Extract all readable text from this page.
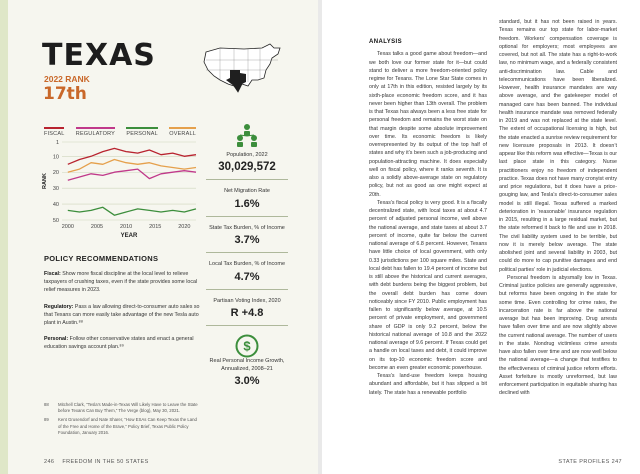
TEXAS
2022 RANK
17th
FISCAL REGULATORY PERSONAL OVERALL
1
10
20
30
40
50
2000	2005	2010	2015	2020
RANK
YEAR
POLICY RECOMMENDATIONS

Fiscal: Show more fiscal discipline at the local level to relieve taxpayers of crushing taxes, even if the state provides some local relief measures in 2023.

Regulatory: Pass a law allowing direct-to-consumer auto sales so that Texans can more easily take advantage of the new Tesla auto plant in Austin.⁸⁸

Personal: Follow other conservative states and enact a general education savings account plan.⁸⁹

88	Mitchell Clark, “Tesla’s Made-in-Texas Will Likely Have to Leave the State before Texans Can Buy Them,” The Verge (blog), May 30, 2021.
89	Kent Grusendorf and Nate Sharer, “How ESAs Can Keep Texas the Land of the Free and Home of the Brave,” Policy Brief, Texas Public Policy Foundation, January 2016.
Population, 2022
30,029,572
Net Migration Rate
1.6%
State Tax Burden, % of Income
3.7%
Local Tax Burden, % of Income
4.7%
Partisan Voting Index, 2020
R +4.8
$
Real Personal Income Growth, Annualized, 2008–21
3.0%
246 FREEDOM IN THE 50 STATES
ANALYSIS

Texas talks a good game about freedom—and we both love our former state for it—but could stand to deliver a more freedom-oriented policy regime for Texans. The Lone Star State comes in only at 17th in this edition, resisted largely by its sixth-place economic freedom score, and it has never been higher than 13th overall. The problem is that Texas has always been a less free state for personal freedom and remains the worst state on that margin despite some absolute improvement over time. Its economic freedom is likely overrepresented by its output of the top half of states and why it’s been such a job-producing and population-attracting machine. It does especially well on fiscal policy, where it ranks seventh. It is also a solidly above-average state on regulatory policy, but not as good as one might expect at 20th.

Texas’s fiscal policy is very good. It is a fiscally decentralized state, with local taxes at about 4.7 percent of adjusted personal income, well above the national average, and state taxes at about 3.7 percent of income, quite far below the current national average of 6.8 percent. However, Texans have little choice of local government, with only 0.33 jurisdictions per 100 square miles. State and local debt has fallen to 19.4 percent of income but is still above the historical and current averages, with debt burdens being the biggest problem, but the overall debt burden has come down noticeably since FY 2010. Public employment has fallen to significantly below average, at 10.5 percent of private employment, and government share of GDP is only 9.2 percent, below the historical national average of 10.8 and the 2022 national average of 9.6 percent. If Texas could get a handle on local taxes and debt, it could improve on its top-10 economic freedom score and become an even greater economic powerhouse.

Texas’s land-use freedom keeps housing abundant and affordable, but it has slipped a bit lately. The state has a renewable portfolio

standard, but it has not been raised in years. Texas remains our top state for labor-market freedom. Workers’ compensation coverage is optional for employers; most employees are covered, but not all. The state has a right-to-work law, no minimum wage, and a federally consistent anti-discrimination law. Cable and telecommunications have been liberalized. However, health insurance mandates are way above average, and the gatekeeper model of managed care has been banned. The individual health insurance mandate was removed federally in 2019 and was not replaced at the state level. The extent of occupational licensing is high, but the state enacted a sunrise review requirement for new licensure proposals in 2013. It doesn’t appear like this reform was effective—Texas is our last place state in this category. Nurse practitioners enjoy no freedom of independent practice. Texas does not have many cronyist entry and price regulations, but it does have a price-gouging law, and Tesla’s direct-to-consumer sales model is still illegal. Texas suffered a marked deterioration in ‘reasonable’ insurance regulation in 2015, resulting in a large residual market, but the state reformed it back to file and use in 2018. The civil liability system used to be terrible, but now it is merely below average. The state abolished joint and several liability in 2003, but could do more to cap punitive damages and end political parties’ role in judicial elections.

Personal freedom is abysmally low in Texas. Criminal justice policies are generally aggressive, but reforms have been ongoing in the state for some time. Even controlling for crime rates, the incarceration rate is far above the national average but has been improving. Drug arrests have fallen over time and are now slightly above the current national average. The number of users in the state. Nondrug victimless crime arrests have also fallen over time and are now well below the national average—a change that testifies to the effectiveness of criminal justice reform efforts. Asset forfeiture is mostly unreformed, but law enforcement participation in equitable sharing has declined with

STATE PROFILES 247
